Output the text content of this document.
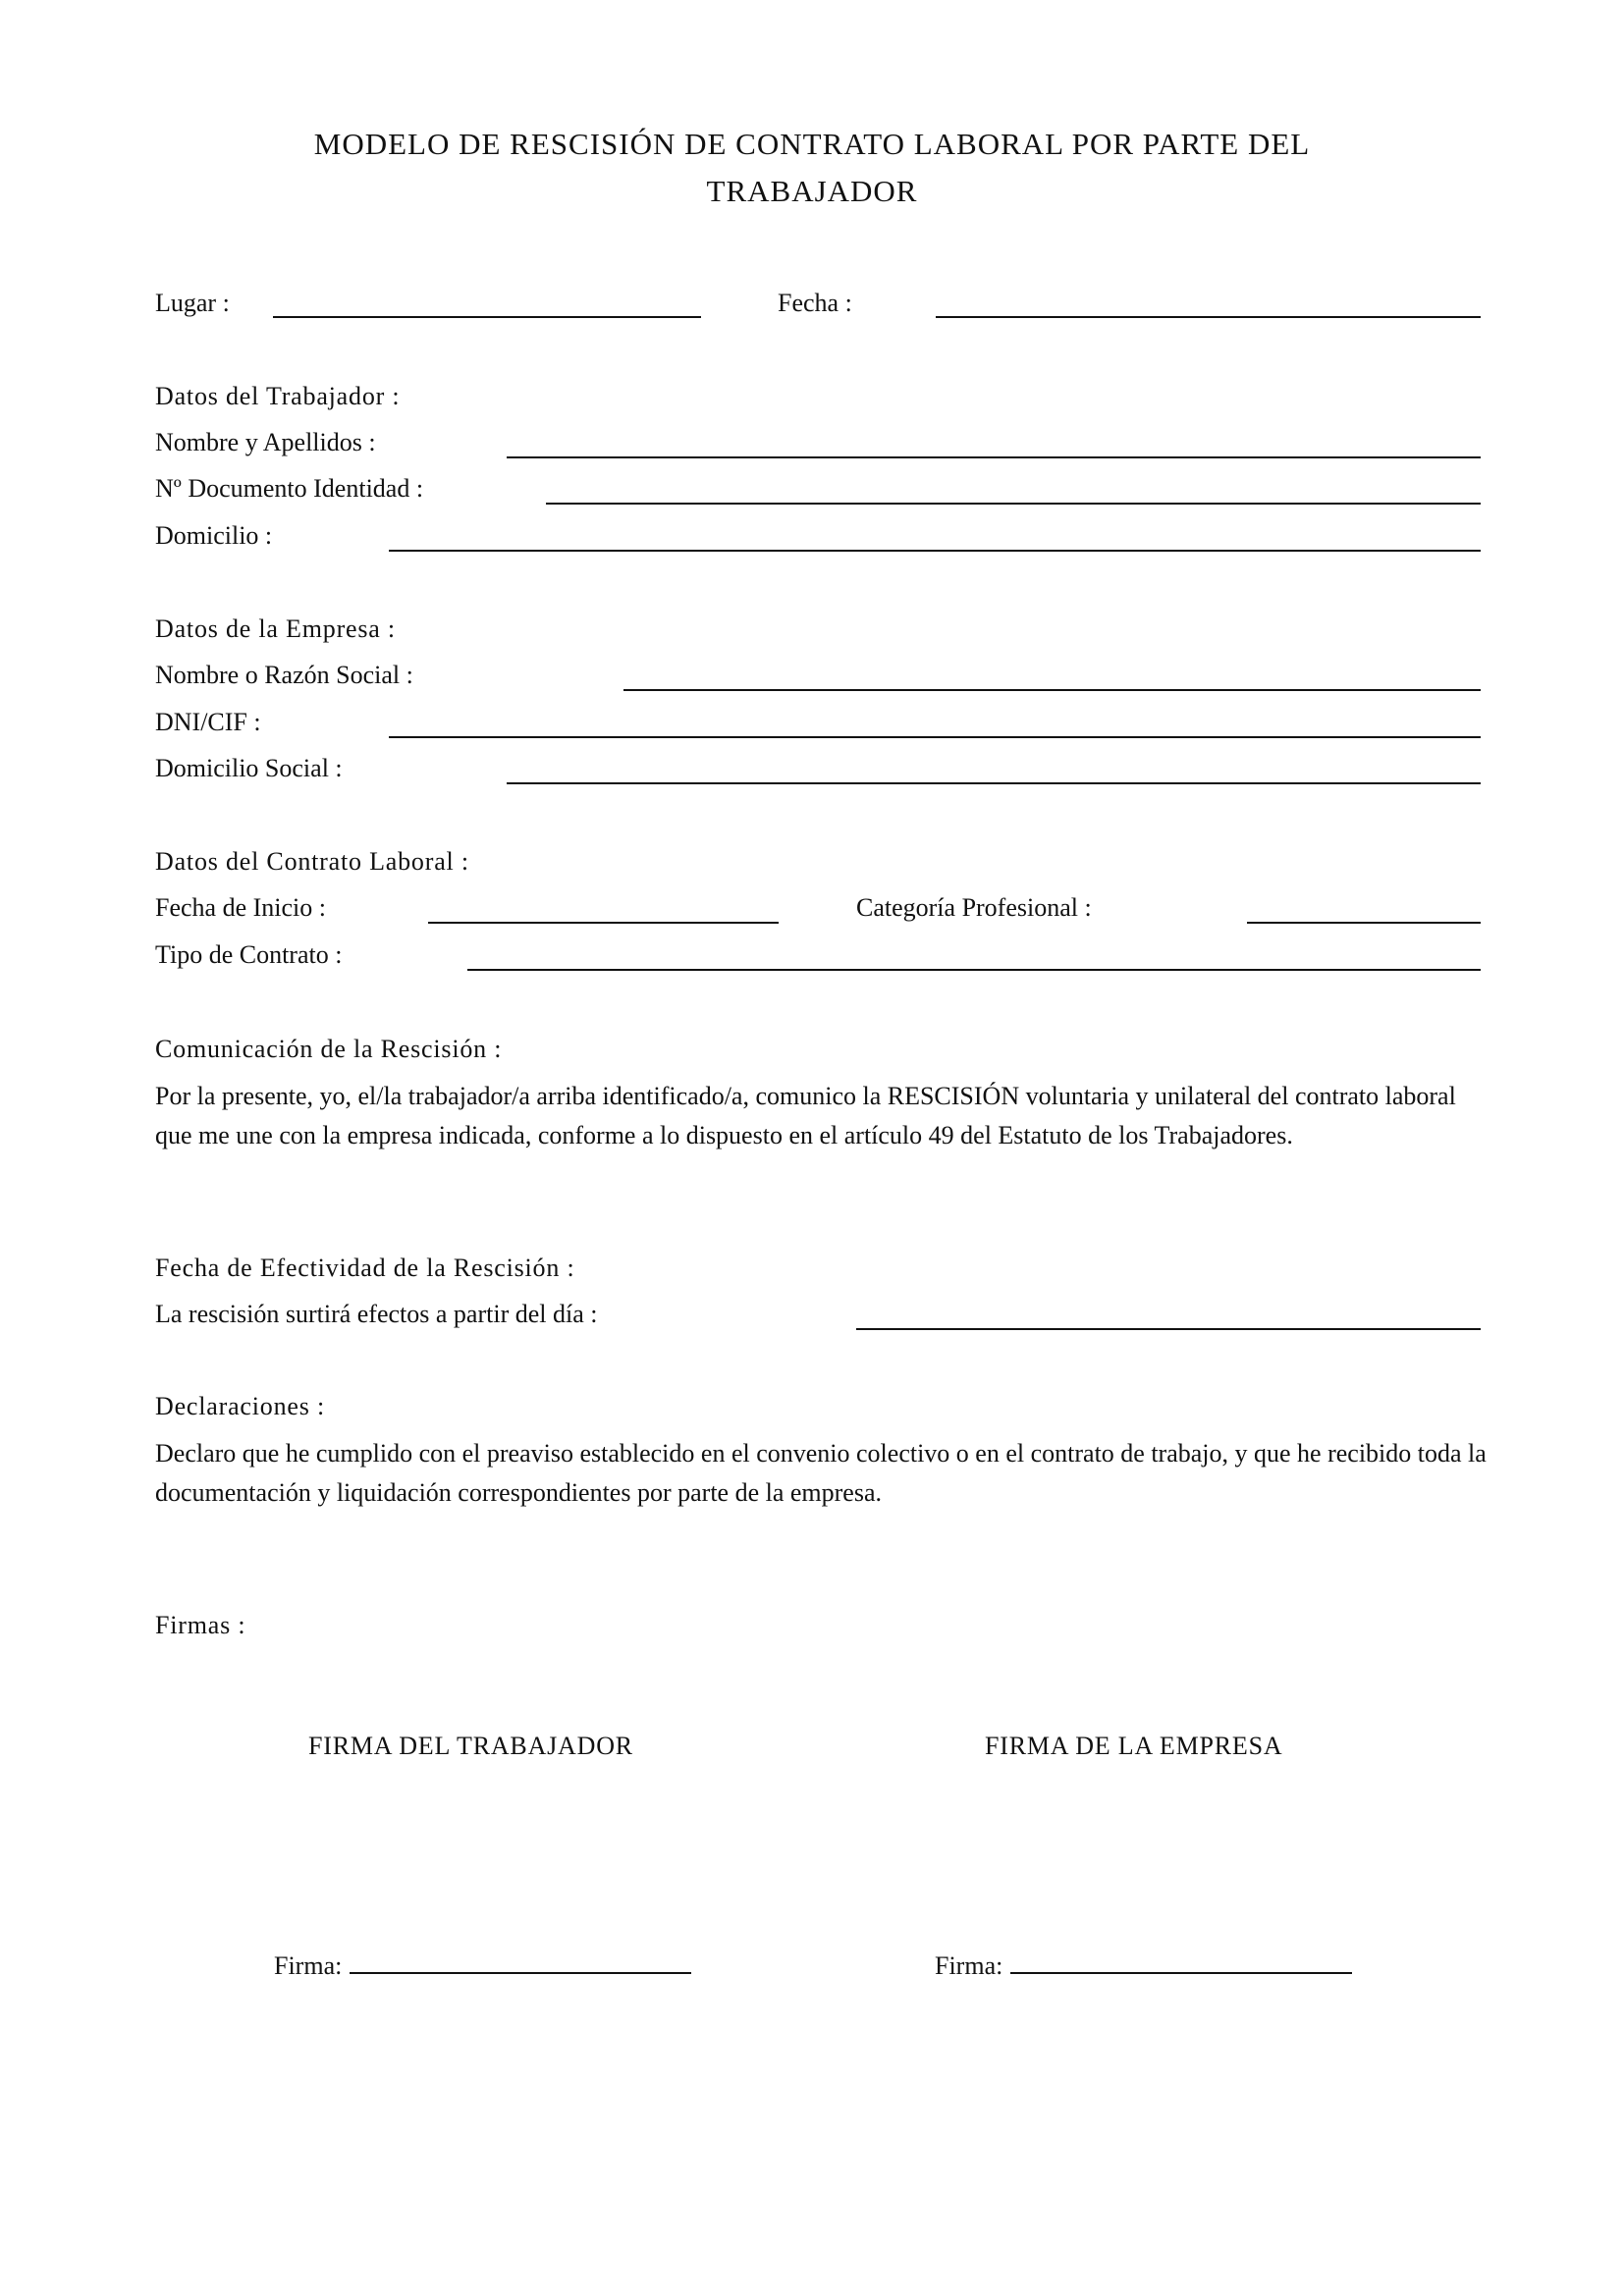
MODELO DE RESCISIÓN DE CONTRATO LABORAL POR PARTE DEL
TRABAJADOR
Lugar :	Fecha :
Datos del Trabajador :
Nombre y Apellidos :
Nº Documento Identidad :
Domicilio :
Datos de la Empresa :
Nombre o Razón Social :
DNI/CIF :
Domicilio Social :
Datos del Contrato Laboral :
Fecha de Inicio :	Categoría Profesional :
Tipo de Contrato :
Comunicación de la Rescisión :
Por la presente, yo, el/la trabajador/a arriba identificado/a, comunico la RESCISIÓN voluntaria y unilateral del contrato laboral que me une con la empresa indicada, conforme a lo dispuesto en el artículo 49 del Estatuto de los Trabajadores.
Fecha de Efectividad de la Rescisión :
La rescisión surtirá efectos a partir del día :
Declaraciones :
Declaro que he cumplido con el preaviso establecido en el convenio colectivo o en el contrato de trabajo, y que he recibido toda la documentación y liquidación correspondientes por parte de la empresa.
Firmas :
FIRMA DEL TRABAJADOR	FIRMA DE LA EMPRESA
Firma:	Firma:
